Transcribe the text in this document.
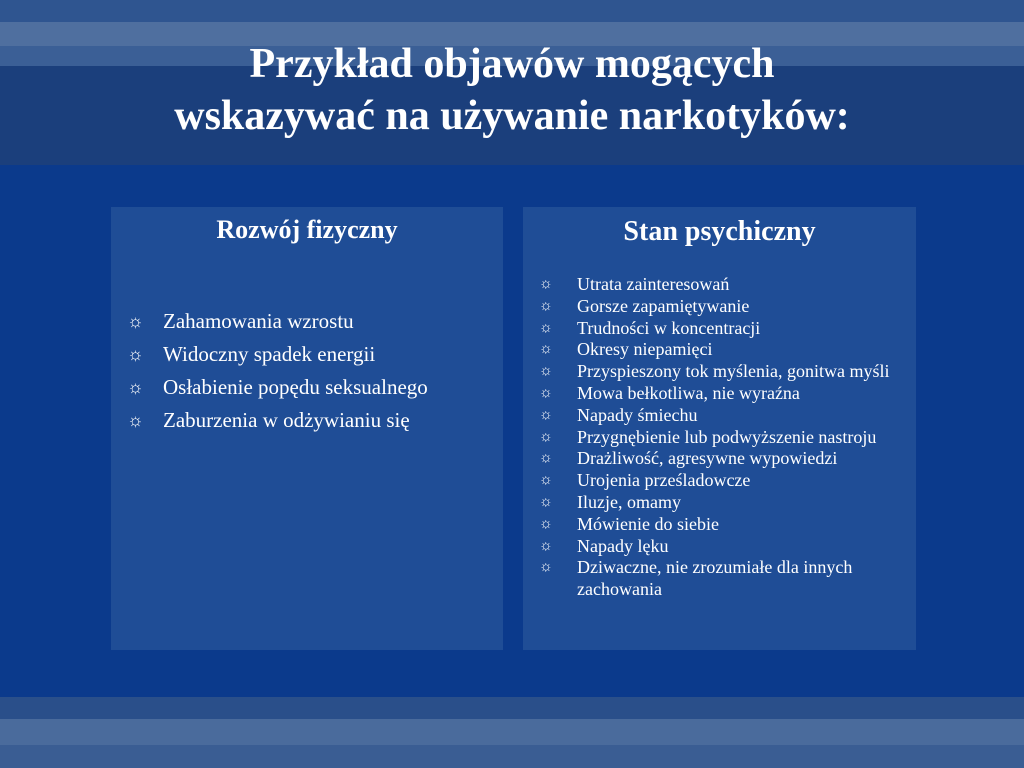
Przykład objawów mogących
wskazywać na używanie narkotyków:
Rozwój fizyczny
☼ Zahamowania wzrostu
☼ Widoczny spadek energii
☼ Osłabienie popędu seksualnego
☼ Zaburzenia w odżywianiu się
Stan psychiczny
☼ Utrata zainteresowań
☼ Gorsze zapamiętywanie
☼ Trudności w koncentracji
☼ Okresy niepamięci
☼ Przyspieszony tok myślenia, gonitwa myśli
☼ Mowa bełkotliwa, nie wyraźna
☼ Napady śmiechu
☼ Przygnębienie lub podwyższenie nastroju
☼ Drażliwość, agresywne wypowiedzi
☼ Urojenia prześladowcze
☼ Iluzje, omamy
☼ Mówienie do siebie
☼ Napady lęku
☼ Dziwaczne, nie zrozumiałe dla innych zachowania
